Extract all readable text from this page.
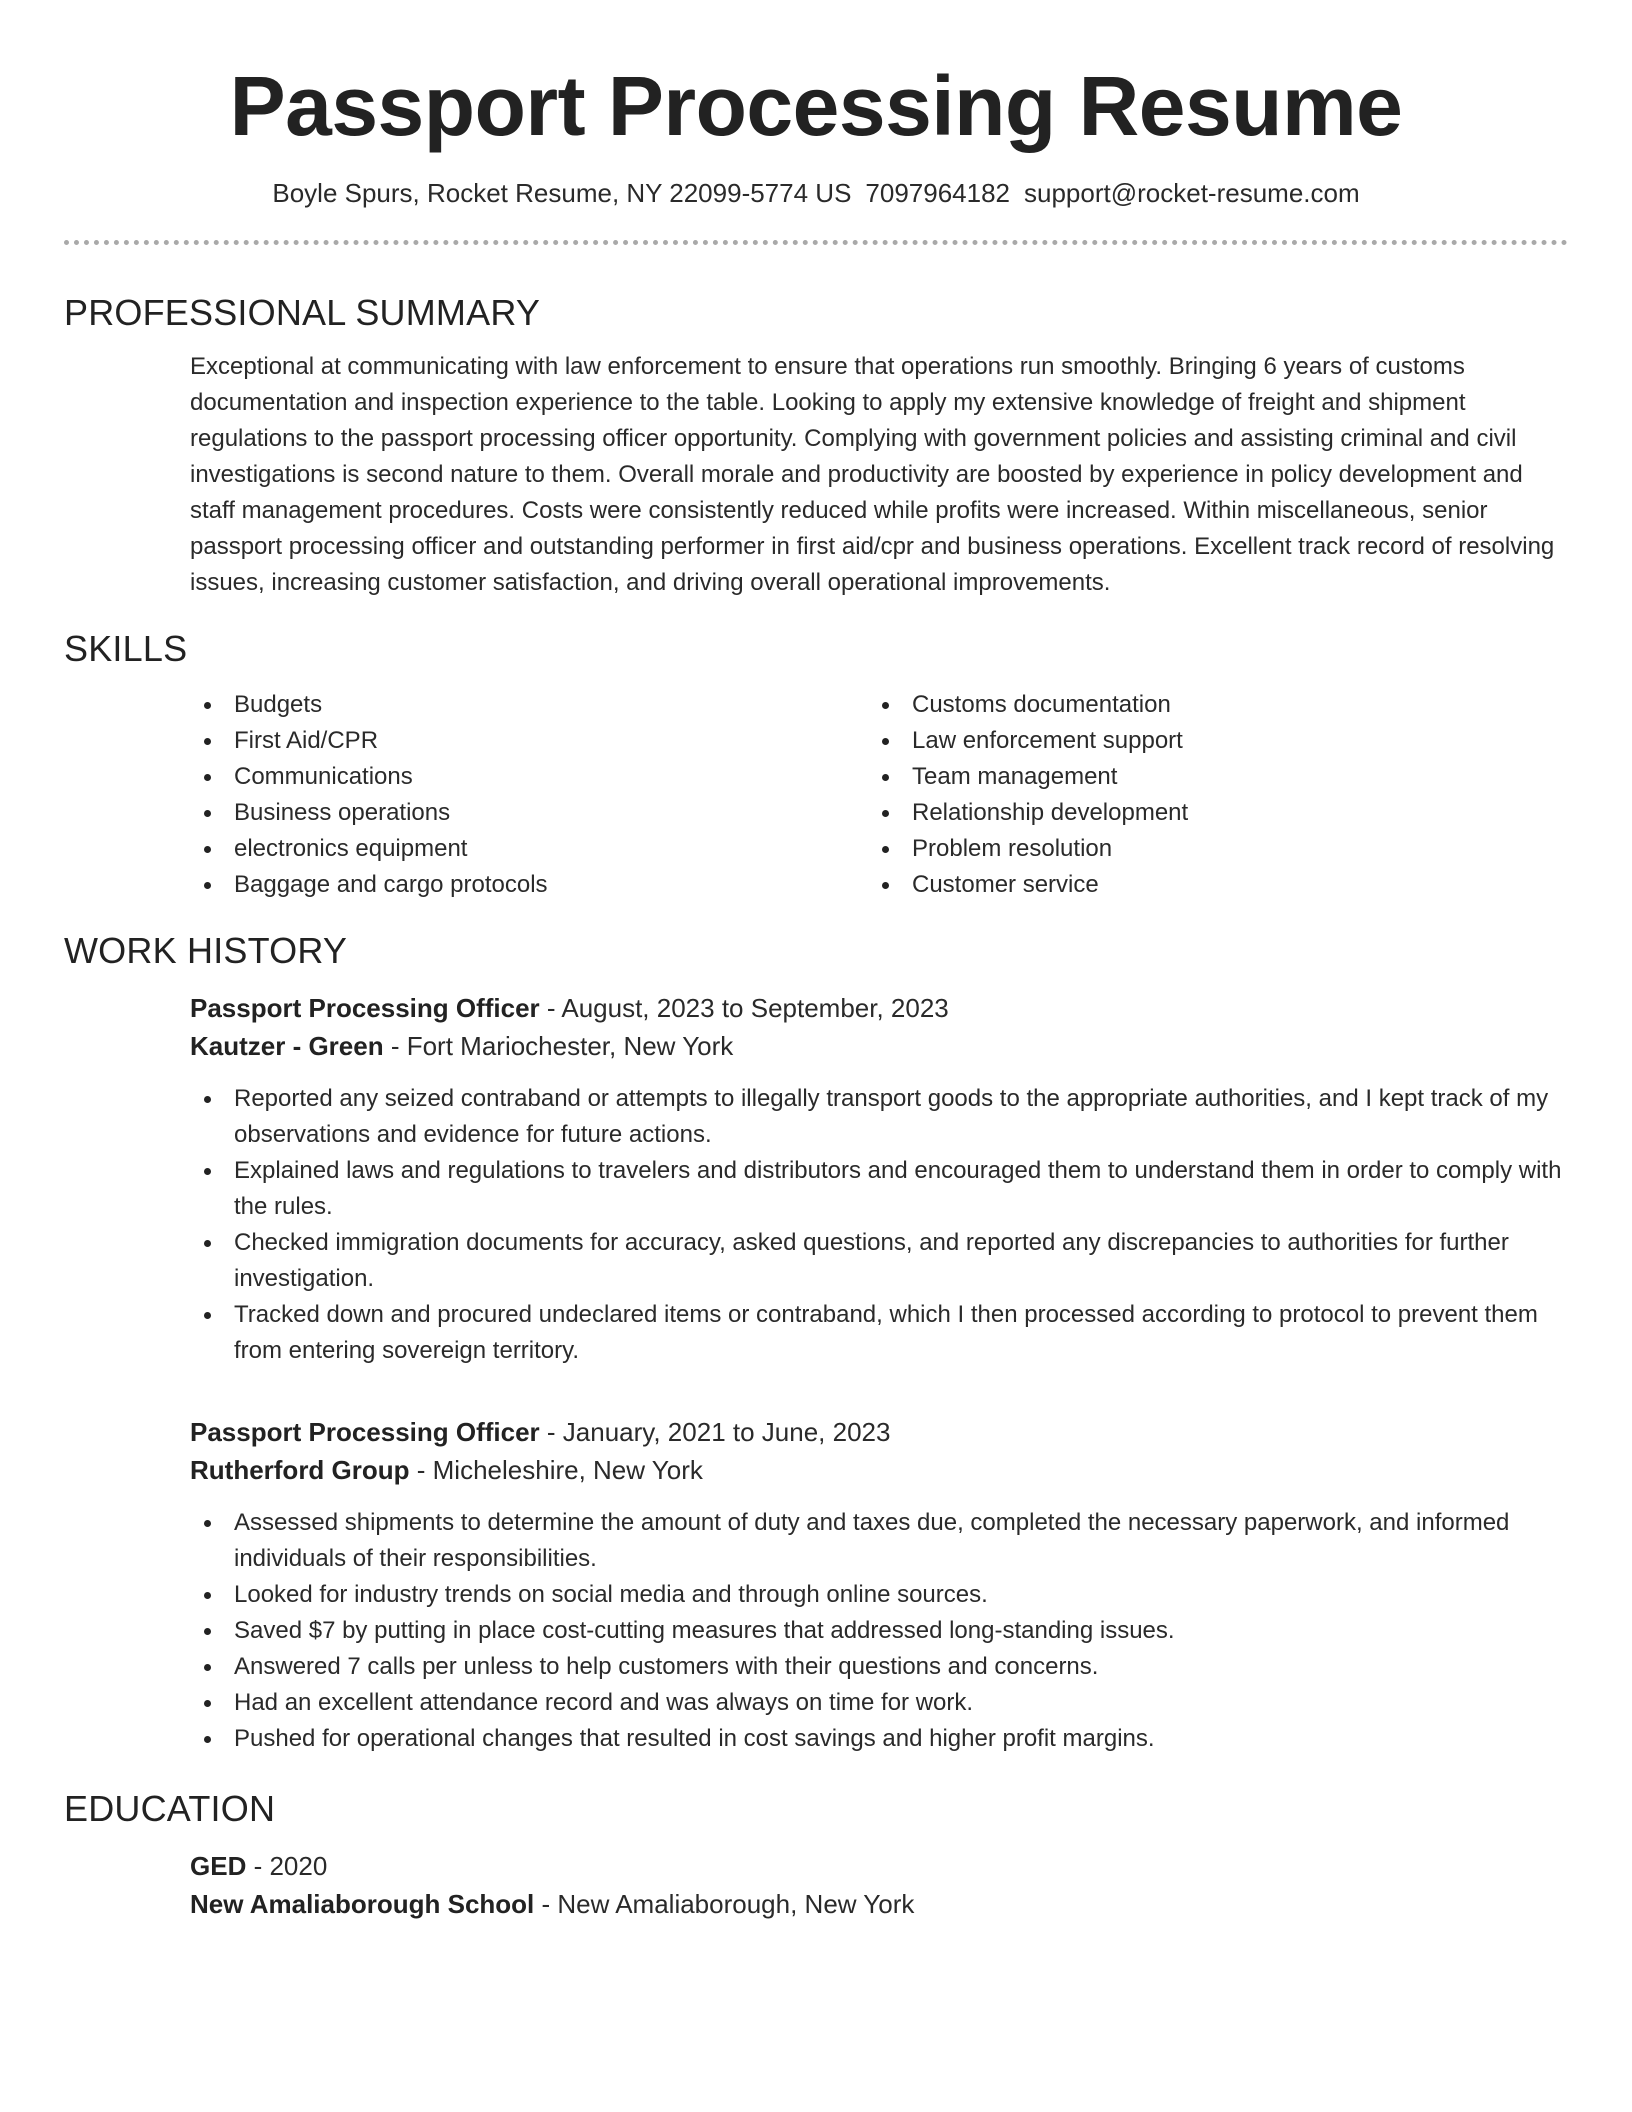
Passport Processing Resume
Boyle Spurs, Rocket Resume, NY 22099-5774 US 7097964182 support@rocket-resume.com
PROFESSIONAL SUMMARY

Exceptional at communicating with law enforcement to ensure that operations run smoothly. Bringing 6 years of customs documentation and inspection experience to the table. Looking to apply my extensive knowledge of freight and shipment regulations to the passport processing officer opportunity. Complying with government policies and assisting criminal and civil investigations is second nature to them. Overall morale and productivity are boosted by experience in policy development and staff management procedures. Costs were consistently reduced while profits were increased. Within miscellaneous, senior passport processing officer and outstanding performer in first aid/cpr and business operations. Excellent track record of resolving issues, increasing customer satisfaction, and driving overall operational improvements.

SKILLS
Budgets
First Aid/CPR
Communications
Business operations
electronics equipment
Baggage and cargo protocols
Customs documentation
Law enforcement support
Team management
Relationship development
Problem resolution
Customer service
WORK HISTORY
Passport Processing Officer - August, 2023 to September, 2023
Kautzer - Green - Fort Mariochester, New York
Reported any seized contraband or attempts to illegally transport goods to the appropriate authorities, and I kept track of my observations and evidence for future actions.
Explained laws and regulations to travelers and distributors and encouraged them to understand them in order to comply with the rules.
Checked immigration documents for accuracy, asked questions, and reported any discrepancies to authorities for further investigation.
Tracked down and procured undeclared items or contraband, which I then processed according to protocol to prevent them from entering sovereign territory.
Passport Processing Officer - January, 2021 to June, 2023
Rutherford Group - Micheleshire, New York
Assessed shipments to determine the amount of duty and taxes due, completed the necessary paperwork, and informed individuals of their responsibilities.
Looked for industry trends on social media and through online sources.
Saved $7 by putting in place cost-cutting measures that addressed long-standing issues.
Answered 7 calls per unless to help customers with their questions and concerns.
Had an excellent attendance record and was always on time for work.
Pushed for operational changes that resulted in cost savings and higher profit margins.
EDUCATION
GED - 2020
New Amaliaborough School - New Amaliaborough, New York
